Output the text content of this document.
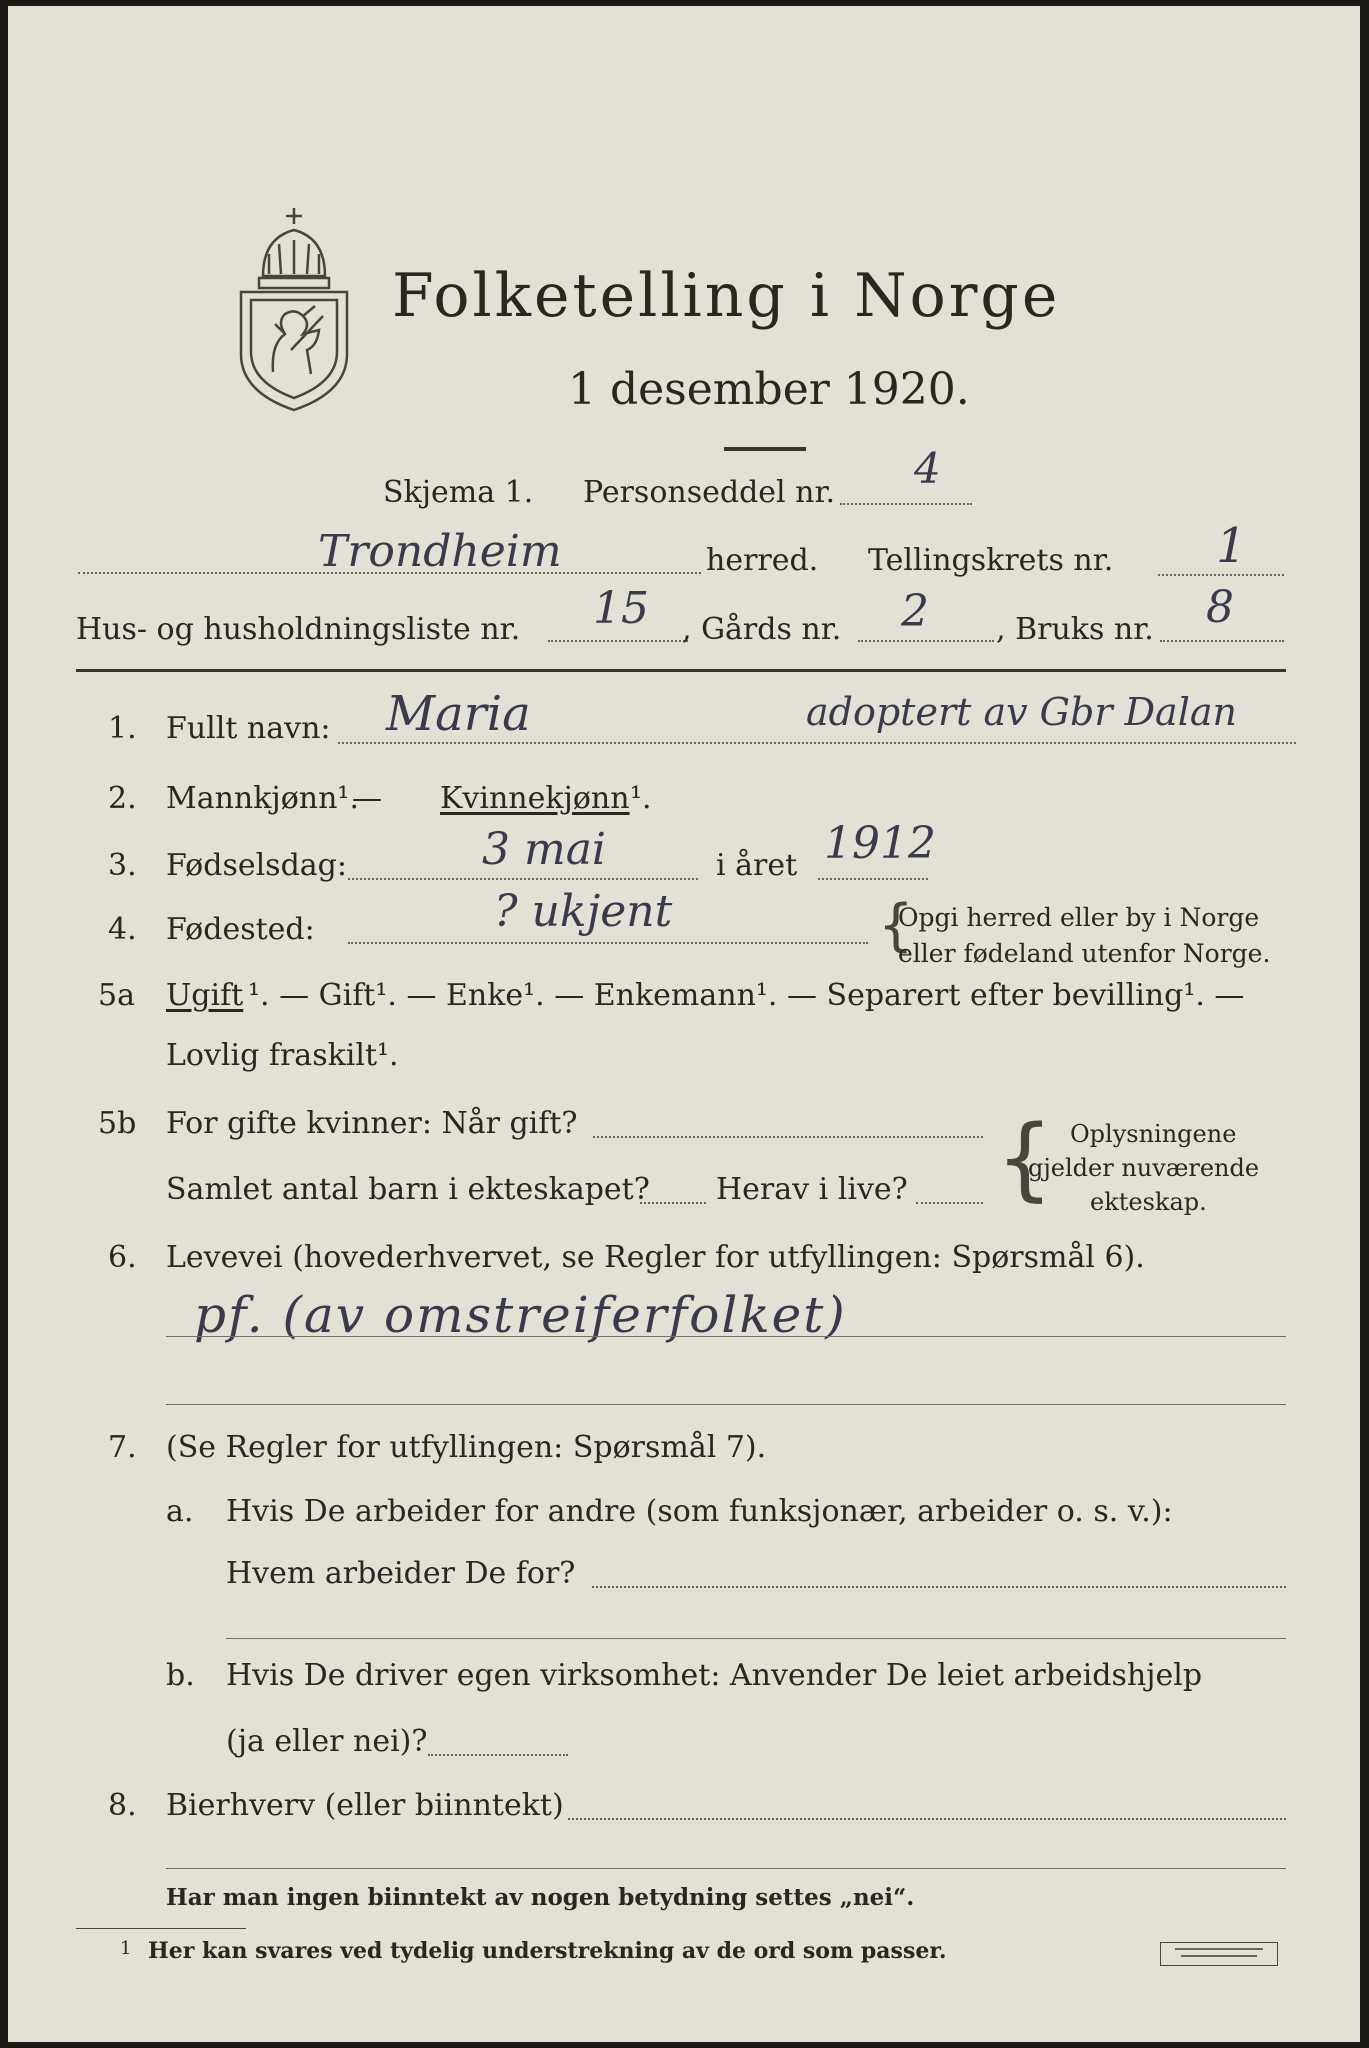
Folketelling i Norge
1 desember 1920.
Skjema 1. Personseddel nr. 4
Trondheim	herred. Tellingskrets nr. 1
Hus- og husholdningsliste nr. 15 , Gårds nr. 2 , Bruks nr. 8
1. Fullt navn: Maria	adoptert av Gbr Dalan
2. Mannkjønn¹.
— Kvinnekjønn ¹.
3. Fødselsdag:	3 mai	i året 1912
4. Fødested:	? ukjent	{
Opgi herred eller by i Norge
eller fødeland utenfor Norge.
5a Ugift ¹. — Gift¹. — Enke¹. — Enkemann¹. — Separert efter bevilling¹. —
Lovlig fraskilt¹.
5b For gifte kvinner: Når gift?
Samlet antal barn i ekteskapet? Herav i live? { Oplysningene
gjelder nuværende
ekteskap.
6. Levevei (hovederhvervet, se Regler for utfyllingen: Spørsmål 6).
pf. (av omstreiferfolket)
7. (Se Regler for utfyllingen: Spørsmål 7).
a. Hvis De arbeider for andre (som funksjonær, arbeider o. s. v.):
Hvem arbeider De for?
b. Hvis De driver egen virksomhet: Anvender De leiet arbeidshjelp
(ja eller nei)?
8. Bierhverv (eller biinntekt)
Har man ingen biinntekt av nogen betydning settes „nei“.
1 Her kan svares ved tydelig understrekning av de ord som passer.
